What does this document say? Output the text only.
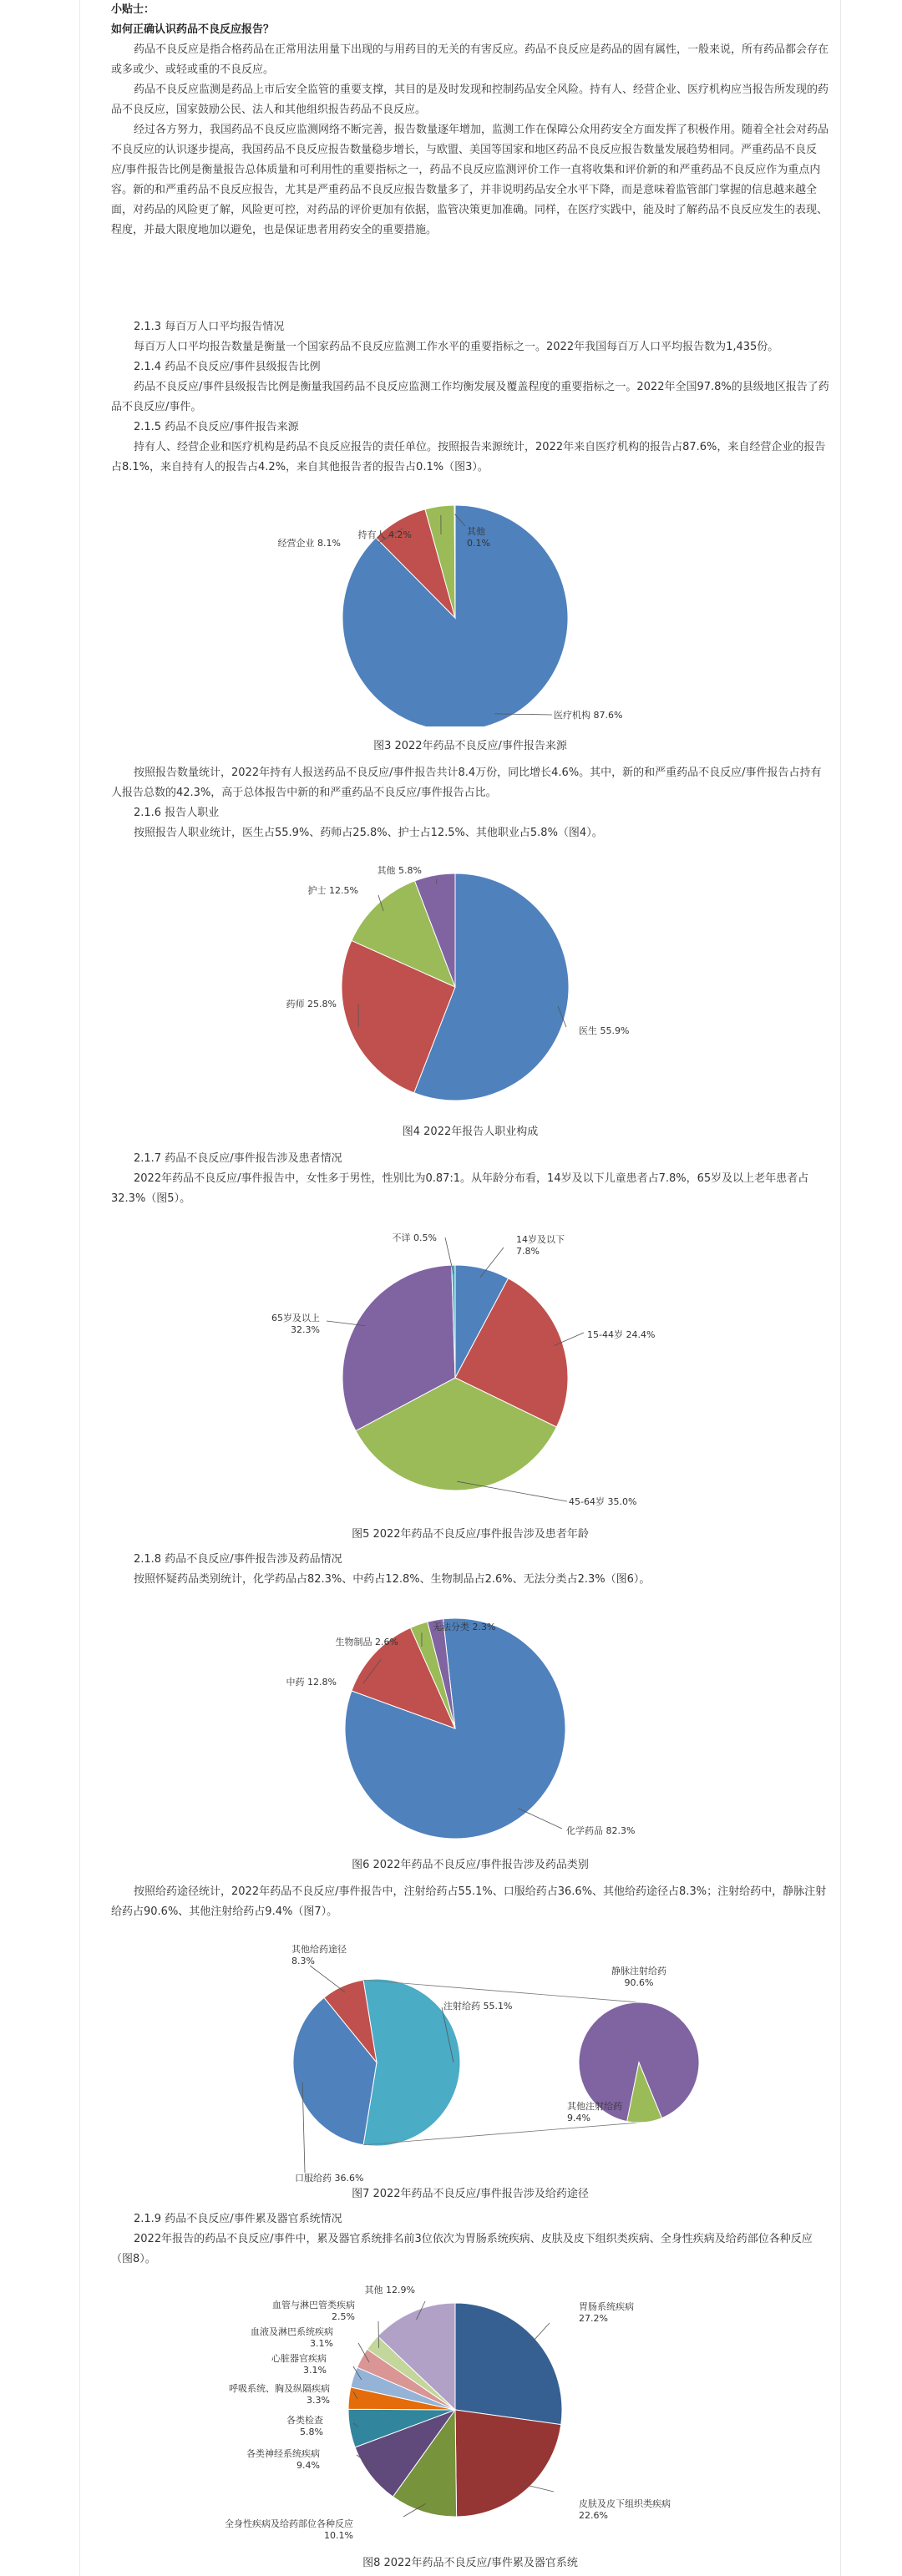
小贴士：

如何正确认识药品不良反应报告？

药品不良反应是指合格药品在正常用法用量下出现的与用药目的无关的有害反应。药品不良反应是药品的固有属性，一般来说，所有药品都会存在或多或少、或轻或重的不良反应。

药品不良反应监测是药品上市后安全监管的重要支撑，其目的是及时发现和控制药品安全风险。持有人、经营企业、医疗机构应当报告所发现的药品不良反应，国家鼓励公民、法人和其他组织报告药品不良反应。

经过各方努力，我国药品不良反应监测网络不断完善，报告数量逐年增加，监测工作在保障公众用药安全方面发挥了积极作用。随着全社会对药品不良反应的认识逐步提高，我国药品不良反应报告数量稳步增长，与欧盟、美国等国家和地区药品不良反应报告数量发展趋势相同。严重药品不良反应/事件报告比例是衡量报告总体质量和可利用性的重要指标之一，药品不良反应监测评价工作一直将收集和评价新的和严重药品不良反应作为重点内容。新的和严重药品不良反应报告，尤其是严重药品不良反应报告数量多了，并非说明药品安全水平下降，而是意味着监管部门掌握的信息越来越全面，对药品的风险更了解，风险更可控，对药品的评价更加有依据，监管决策更加准确。同样，在医疗实践中，能及时了解药品不良反应发生的表现、程度，并最大限度地加以避免，也是保证患者用药安全的重要措施。

2.1.3 每百万人口平均报告情况

每百万人口平均报告数量是衡量一个国家药品不良反应监测工作水平的重要指标之一。2022年我国每百万人口平均报告数为1,435份。

2.1.4 药品不良反应/事件县级报告比例

药品不良反应/事件县级报告比例是衡量我国药品不良反应监测工作均衡发展及覆盖程度的重要指标之一。2022年全国97.8%的县级地区报告了药品不良反应/事件。

2.1.5 药品不良反应/事件报告来源

持有人、经营企业和医疗机构是药品不良反应报告的责任单位。按照报告来源统计，2022年来自医疗机构的报告占87.6%，来自经营企业的报告占8.1%，来自持有人的报告占4.2%，来自其他报告者的报告占0.1%（图3）。

医疗机构 87.6%
经营企业 8.1%
持有人 4.2%	其他
0.1%

图3 2022年药品不良反应/事件报告来源

按照报告数量统计，2022年持有人报送药品不良反应/事件报告共计8.4万份，同比增长4.6%。其中，新的和严重药品不良反应/事件报告占持有人报告总数的42.3%，高于总体报告中新的和严重药品不良反应/事件报告占比。

2.1.6 报告人职业

按照报告人职业统计，医生占55.9%、药师占25.8%、护士占12.5%、其他职业占5.8%（图4）。

医生 55.9%
药师 25.8%
护士 12.5%
其他 5.8%

图4 2022年报告人职业构成

2.1.7 药品不良反应/事件报告涉及患者情况

2022年药品不良反应/事件报告中，女性多于男性，性别比为0.87:1。从年龄分布看，14岁及以下儿童患者占7.8%，65岁及以上老年患者占32.3%（图5）。

14岁及以下
7.8%
15-44岁 24.4%
45-64岁 35.0%
65岁及以上
32.3%
不详 0.5%

图5 2022年药品不良反应/事件报告涉及患者年龄

2.1.8 药品不良反应/事件报告涉及药品情况

按照怀疑药品类别统计，化学药品占82.3%、中药占12.8%、生物制品占2.6%、无法分类占2.3%（图6）。

化学药品 82.3%
中药 12.8%
生物制品 2.6%
无法分类 2.3%

图6 2022年药品不良反应/事件报告涉及药品类别

按照给药途径统计，2022年药品不良反应/事件报告中，注射给药占55.1%、口服给药占36.6%、其他给药途径占8.3%；注射给药中，静脉注射给药占90.6%、其他注射给药占9.4%（图7）。

注射给药 55.1%
口服给药 36.6%
其他给药途径
8.3%
静脉注射给药
90.6%
其他注射给药
9.4%

图7 2022年药品不良反应/事件报告涉及给药途径

2.1.9 药品不良反应/事件累及器官系统情况

2022年报告的药品不良反应/事件中，累及器官系统排名前3位依次为胃肠系统疾病、皮肤及皮下组织类疾病、全身性疾病及给药部位各种反应（图8）。

胃肠系统疾病
27.2%
皮肤及皮下组织类疾病
22.6%
全身性疾病及给药部位各种反应
10.1%
各类神经系统疾病
9.4%
各类检查
5.8%
呼吸系统、胸及纵隔疾病
3.3%
心脏器官疾病
3.1%
血液及淋巴系统疾病
3.1%
血管与淋巴管类疾病
2.5%
其他 12.9%

图8 2022年药品不良反应/事件累及器官系统
